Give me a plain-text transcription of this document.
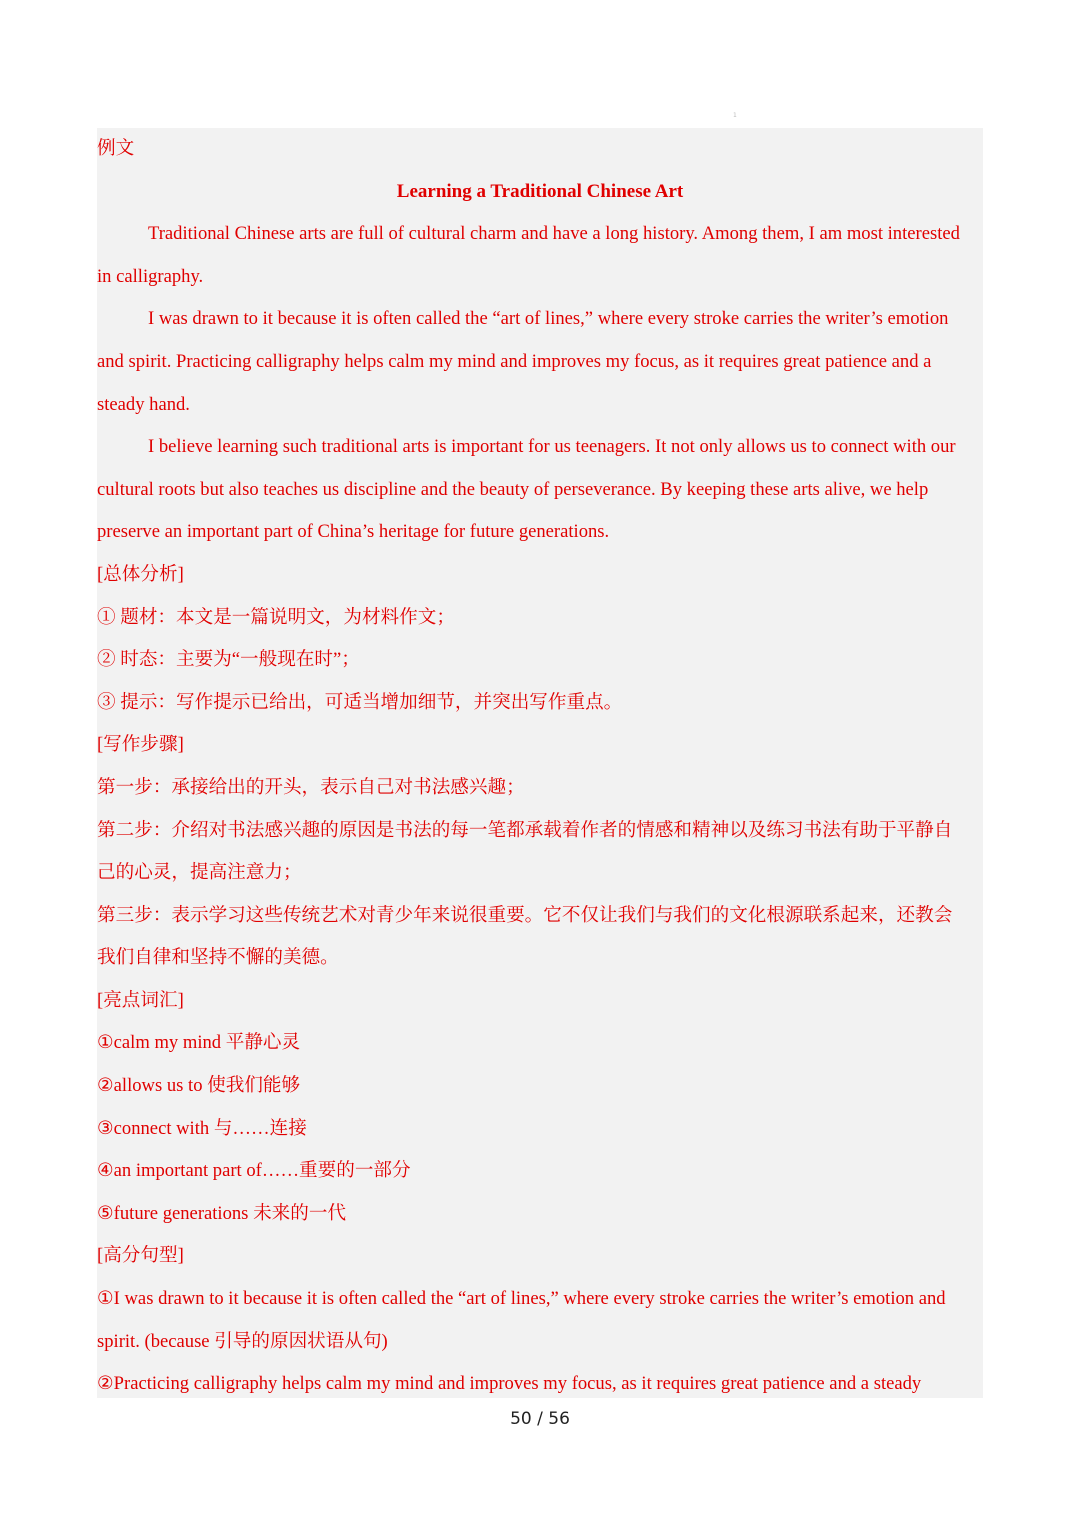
1
例文
Learning a Traditional Chinese Art
Traditional Chinese arts are full of cultural charm and have a long history. Among them, I am most interested
in calligraphy.
I was drawn to it because it is often called the “art of lines,” where every stroke carries the writer’s emotion
and spirit. Practicing calligraphy helps calm my mind and improves my focus, as it requires great patience and a
steady hand.
I believe learning such traditional arts is important for us teenagers. It not only allows us to connect with our
cultural roots but also teaches us discipline and the beauty of perseverance. By keeping these arts alive, we help
preserve an important part of China’s heritage for future generations.
[总体分析]
① 题材：本文是一篇说明文，为材料作文；
② 时态：主要为“一般现在时”；
③ 提示：写作提示已给出，可适当增加细节，并突出写作重点。
[写作步骤]
第一步：承接给出的开头，表示自己对书法感兴趣；
第二步：介绍对书法感兴趣的原因是书法的每一笔都承载着作者的情感和精神以及练习书法有助于平静自
己的心灵，提高注意力；
第三步：表示学习这些传统艺术对青少年来说很重要。它不仅让我们与我们的文化根源联系起来，还教会
我们自律和坚持不懈的美德。
[亮点词汇]
①calm my mind 平静心灵
②allows us to 使我们能够
③connect with 与……连接
④an important part of……重要的一部分
⑤future generations 未来的一代
[高分句型]
①I was drawn to it because it is often called the “art of lines,” where every stroke carries the writer’s emotion and
spirit. (because 引导的原因状语从句)
②Practicing calligraphy helps calm my mind and improves my focus, as it requires great patience and a steady
50 / 56
